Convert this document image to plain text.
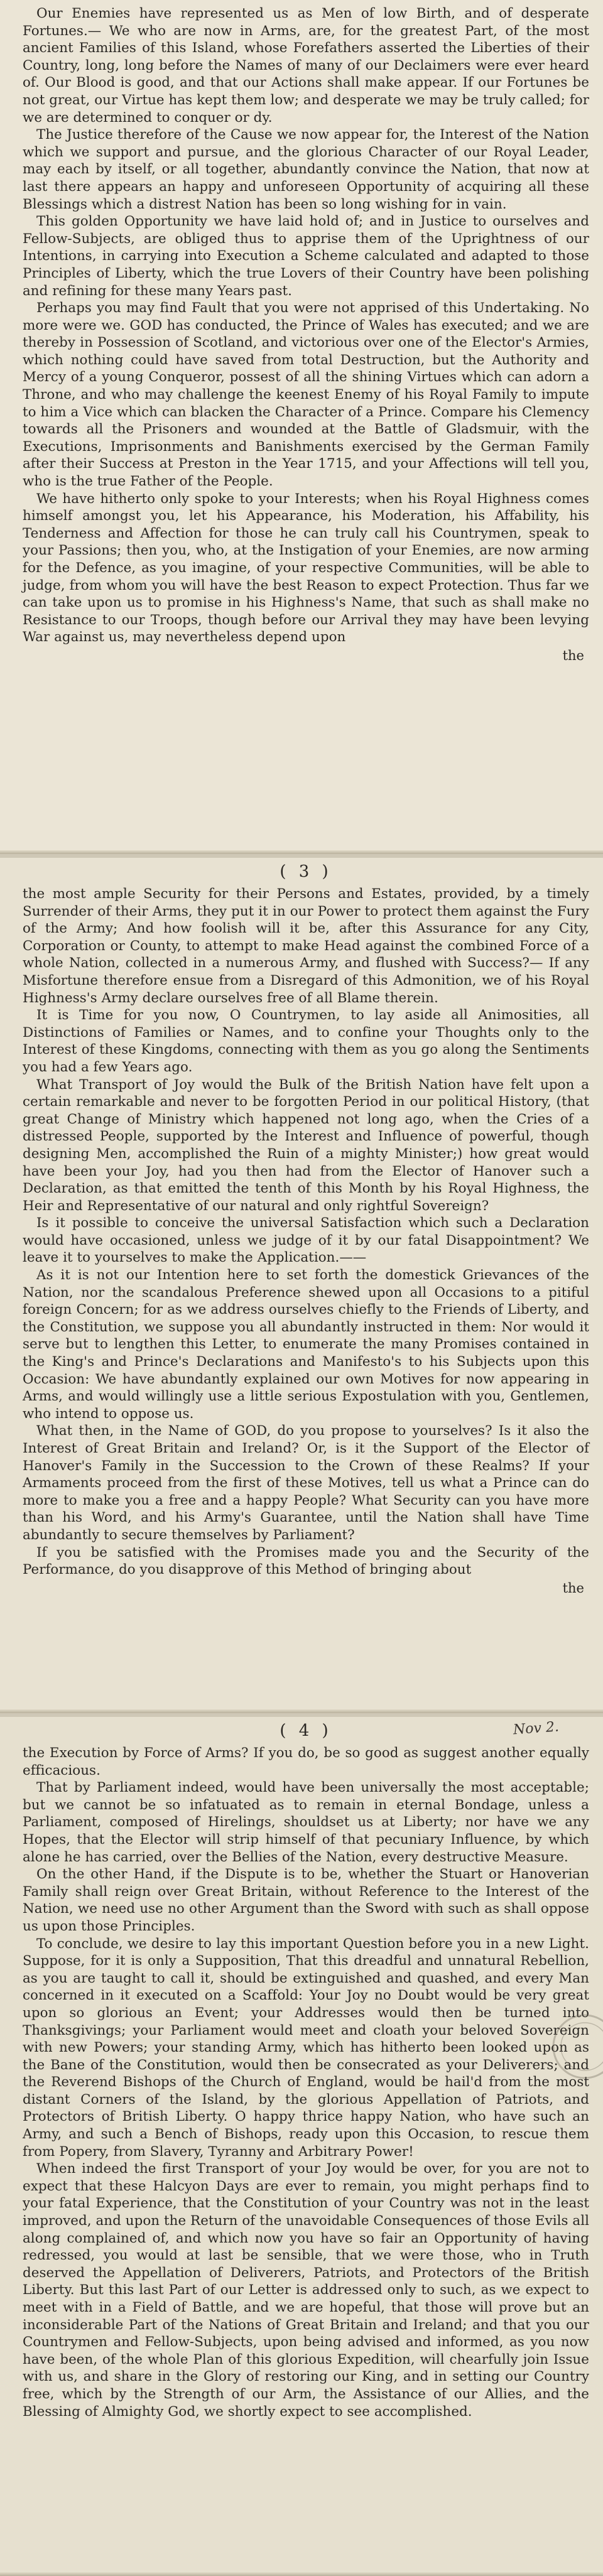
Our Enemies have represented us as Men of low Birth, and of desperate Fortunes.— We who are now in Arms, are, for the greatest Part, of the most ancient Families of this Island, whose Forefathers asserted the Liberties of their Country, long, long before the Names of many of our Declaimers were ever heard of. Our Blood is good, and that our Actions shall make appear. If our Fortunes be not great, our Virtue has kept them low; and desperate we may be truly called; for we are determined to conquer or dy.

The Justice therefore of the Cause we now appear for, the Interest of the Nation which we support and pursue, and the glorious Character of our Royal Leader, may each by itself, or all together, abundantly convince the Nation, that now at last there appears an happy and unforeseen Opportunity of acquiring all these Blessings which a distrest Nation has been so long wishing for in vain.

This golden Opportunity we have laid hold of; and in Justice to ourselves and Fellow-Subjects, are obliged thus to apprise them of the Uprightness of our Intentions, in carrying into Execution a Scheme calculated and adapted to those Principles of Liberty, which the true Lovers of their Country have been polishing and refining for these many Years past.

Perhaps you may find Fault that you were not apprised of this Undertaking. No more were we. GOD has conducted, the Prince of Wales has executed; and we are thereby in Possession of Scotland, and victorious over one of the Elector's Armies, which nothing could have saved from total Destruction, but the Authority and Mercy of a young Conqueror, possest of all the shining Virtues which can adorn a Throne, and who may challenge the keenest Enemy of his Royal Family to impute to him a Vice which can blacken the Character of a Prince. Compare his Clemency towards all the Prisoners and wounded at the Battle of Gladsmuir, with the Executions, Imprisonments and Banishments exercised by the German Family after their Success at Preston in the Year 1715, and your Affections will tell you, who is the true Father of the People.

We have hitherto only spoke to your Interests; when his Royal Highness comes himself amongst you, let his Appearance, his Moderation, his Affability, his Tenderness and Affection for those he can truly call his Countrymen, speak to your Passions; then you, who, at the Instigation of your Enemies, are now arming for the Defence, as you imagine, of your respective Communities, will be able to judge, from whom you will have the best Reason to expect Protection. Thus far we can take upon us to promise in his Highness's Name, that such as shall make no Resistance to our Troops, though before our Arrival they may have been levying War against us, may nevertheless depend upon

the
( 3 )

the most ample Security for their Persons and Estates, provided, by a timely Surrender of their Arms, they put it in our Power to protect them against the Fury of the Army; And how foolish will it be, after this Assurance for any City, Corporation or County, to attempt to make Head against the combined Force of a whole Nation, collected in a numerous Army, and flushed with Success?— If any Misfortune therefore ensue from a Disregard of this Admonition, we of his Royal Highness's Army declare ourselves free of all Blame therein.

It is Time for you now, O Countrymen, to lay aside all Animosities, all Distinctions of Families or Names, and to confine your Thoughts only to the Interest of these Kingdoms, connecting with them as you go along the Sentiments you had a few Years ago.

What Transport of Joy would the Bulk of the British Nation have felt upon a certain remarkable and never to be forgotten Period in our political History, (that great Change of Ministry which happened not long ago, when the Cries of a distressed People, supported by the Interest and Influence of powerful, though designing Men, accomplished the Ruin of a mighty Minister;) how great would have been your Joy, had you then had from the Elector of Hanover such a Declaration, as that emitted the tenth of this Month by his Royal Highness, the Heir and Representative of our natural and only rightful Sovereign?

Is it possible to conceive the universal Satisfaction which such a Declaration would have occasioned, unless we judge of it by our fatal Disappointment? We leave it to yourselves to make the Application.——

As it is not our Intention here to set forth the domestick Grievances of the Nation, nor the scandalous Preference shewed upon all Occasions to a pitiful foreign Concern; for as we address ourselves chiefly to the Friends of Liberty, and the Constitution, we suppose you all abundantly instructed in them: Nor would it serve but to lengthen this Letter, to enumerate the many Promises contained in the King's and Prince's Declarations and Manifesto's to his Subjects upon this Occasion: We have abundantly explained our own Motives for now appearing in Arms, and would willingly use a little serious Expostulation with you, Gentlemen, who intend to oppose us.

What then, in the Name of GOD, do you propose to yourselves? Is it also the Interest of Great Britain and Ireland? Or, is it the Support of the Elector of Hanover's Family in the Succession to the Crown of these Realms? If your Armaments proceed from the first of these Motives, tell us what a Prince can do more to make you a free and a happy People? What Security can you have more than his Word, and his Army's Guarantee, until the Nation shall have Time abundantly to secure themselves by Parliament?

If you be satisfied with the Promises made you and the Security of the Performance, do you disapprove of this Method of bringing about

the
Nov 2.
( 4 )

the Execution by Force of Arms? If you do, be so good as suggest another equally efficacious.

That by Parliament indeed, would have been universally the most acceptable; but we cannot be so infatuated as to remain in eternal Bondage, unless a Parliament, composed of Hirelings, shouldset us at Liberty; nor have we any Hopes, that the Elector will strip himself of that pecuniary Influence, by which alone he has carried, over the Bellies of the Nation, every destructive Measure.

On the other Hand, if the Dispute is to be, whether the Stuart or Hanoverian Family shall reign over Great Britain, without Reference to the Interest of the Nation, we need use no other Argument than the Sword with such as shall oppose us upon those Principles.

To conclude, we desire to lay this important Question before you in a new Light. Suppose, for it is only a Supposition, That this dreadful and unnatural Rebellion, as you are taught to call it, should be extinguished and quashed, and every Man concerned in it executed on a Scaffold: Your Joy no Doubt would be very great upon so glorious an Event; your Addresses would then be turned into Thanksgivings; your Parliament would meet and cloath your beloved Sovereign with new Powers; your standing Army, which has hitherto been looked upon as the Bane of the Constitution, would then be consecrated as your Deliverers; and the Reverend Bishops of the Church of England, would be hail'd from the most distant Corners of the Island, by the glorious Appellation of Patriots, and Protectors of British Liberty. O happy thrice happy Nation, who have such an Army, and such a Bench of Bishops, ready upon this Occasion, to rescue them from Popery, from Slavery, Tyranny and Arbitrary Power!

When indeed the first Transport of your Joy would be over, for you are not to expect that these Halcyon Days are ever to remain, you might perhaps find to your fatal Experience, that the Constitution of your Country was not in the least improved, and upon the Return of the unavoidable Consequences of those Evils all along complained of, and which now you have so fair an Opportunity of having redressed, you would at last be sensible, that we were those, who in Truth deserved the Appellation of Deliverers, Patriots, and Protectors of the British Liberty. But this last Part of our Letter is addressed only to such, as we expect to meet with in a Field of Battle, and we are hopeful, that those will prove but an inconsiderable Part of the Nations of Great Britain and Ireland; and that you our Countrymen and Fellow-Subjects, upon being advised and informed, as you now have been, of the whole Plan of this glorious Expedition, will chearfully join Issue with us, and share in the Glory of restoring our King, and in setting our Country free, which by the Strength of our Arm, the Assistance of our Allies, and the Blessing of Almighty God, we shortly expect to see accomplished.
